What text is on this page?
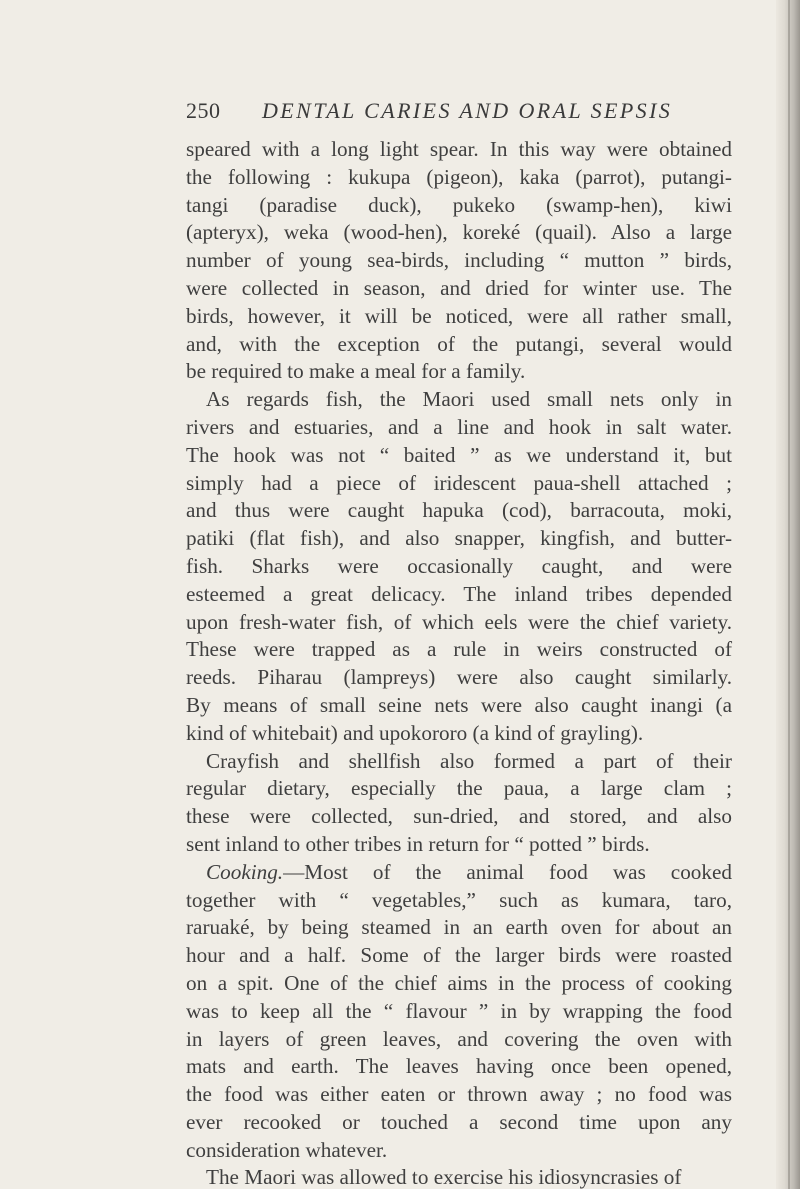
250 DENTAL CARIES AND ORAL SEPSIS
speared with a long light spear. In this way were obtained
the following : kukupa (pigeon), kaka (parrot), putangi-
tangi (paradise duck), pukeko (swamp-hen), kiwi
(apteryx), weka (wood-hen), koreké (quail). Also a large
number of young sea-birds, including “ mutton ” birds,
were collected in season, and dried for winter use. The
birds, however, it will be noticed, were all rather small,
and, with the exception of the putangi, several would
be required to make a meal for a family.
As regards fish, the Maori used small nets only in
rivers and estuaries, and a line and hook in salt water.
The hook was not “ baited ” as we understand it, but
simply had a piece of iridescent paua-shell attached ;
and thus were caught hapuka (cod), barracouta, moki,
patiki (flat fish), and also snapper, kingfish, and butter-
fish. Sharks were occasionally caught, and were
esteemed a great delicacy. The inland tribes depended
upon fresh-water fish, of which eels were the chief variety.
These were trapped as a rule in weirs constructed of
reeds. Piharau (lampreys) were also caught similarly.
By means of small seine nets were also caught inangi (a
kind of whitebait) and upokororo (a kind of grayling).
Crayfish and shellfish also formed a part of their
regular dietary, especially the paua, a large clam ;
these were collected, sun-dried, and stored, and also
sent inland to other tribes in return for “ potted ” birds.
Cooking.—Most of the animal food was cooked
together with “ vegetables,” such as kumara, taro,
raruaké, by being steamed in an earth oven for about an
hour and a half. Some of the larger birds were roasted
on a spit. One of the chief aims in the process of cooking
was to keep all the “ flavour ” in by wrapping the food
in layers of green leaves, and covering the oven with
mats and earth. The leaves having once been opened,
the food was either eaten or thrown away ; no food was
ever recooked or touched a second time upon any
consideration whatever.
The Maori was allowed to exercise his idiosyncrasies of
